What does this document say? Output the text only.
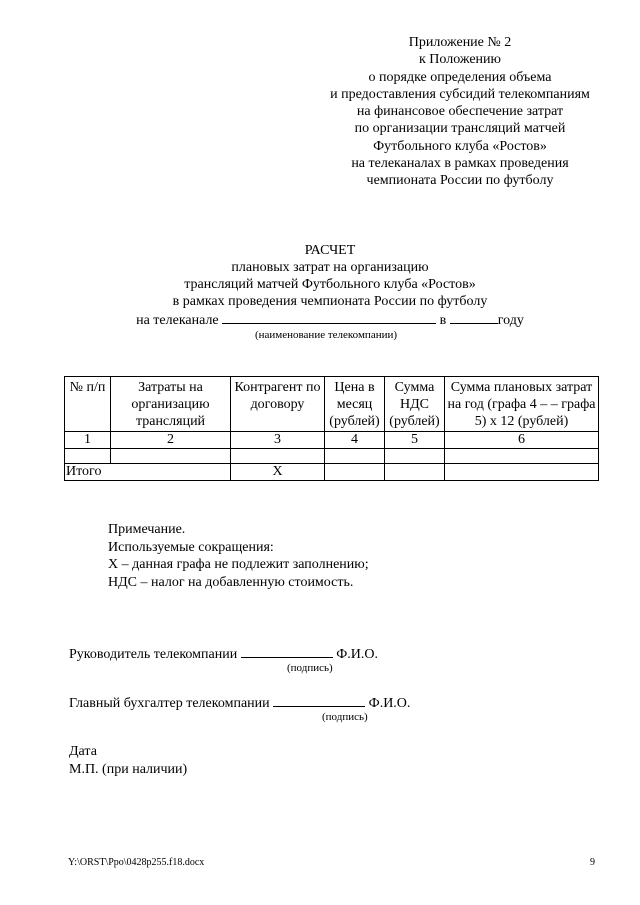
Приложение № 2
к Положению
о порядке определения объема
и предоставления субсидий телекомпаниям
на финансовое обеспечение затрат
по организации трансляций матчей
Футбольного клуба «Ростов»
на телеканалах в рамках проведения
чемпионата России по футболу
РАСЧЕТ
плановых затрат на организацию
трансляций матчей Футбольного клуба «Ростов»
в рамках проведения чемпионата России по футболу
на телеканале	в	году
(наименование телекомпании)
№ п/п	Затраты на организацию трансляций	Контрагент по договору	Цена в месяц (рублей)	Сумма НДС (рублей)	Сумма плановых затрат на год (графа 4 – – графа 5) х 12 (рублей)
1	2	3	4	5	6

Итого		Х			
Примечание.
Используемые сокращения:
Х – данная графа не подлежит заполнению;
НДС – налог на добавленную стоимость.
Руководитель телекомпании	Ф.И.О.
(подпись)
Главный бухгалтер телекомпании	Ф.И.О.
(подпись)
Дата
М.П. (при наличии)
Y:\ORST\Ppo\0428p255.f18.docx	9
